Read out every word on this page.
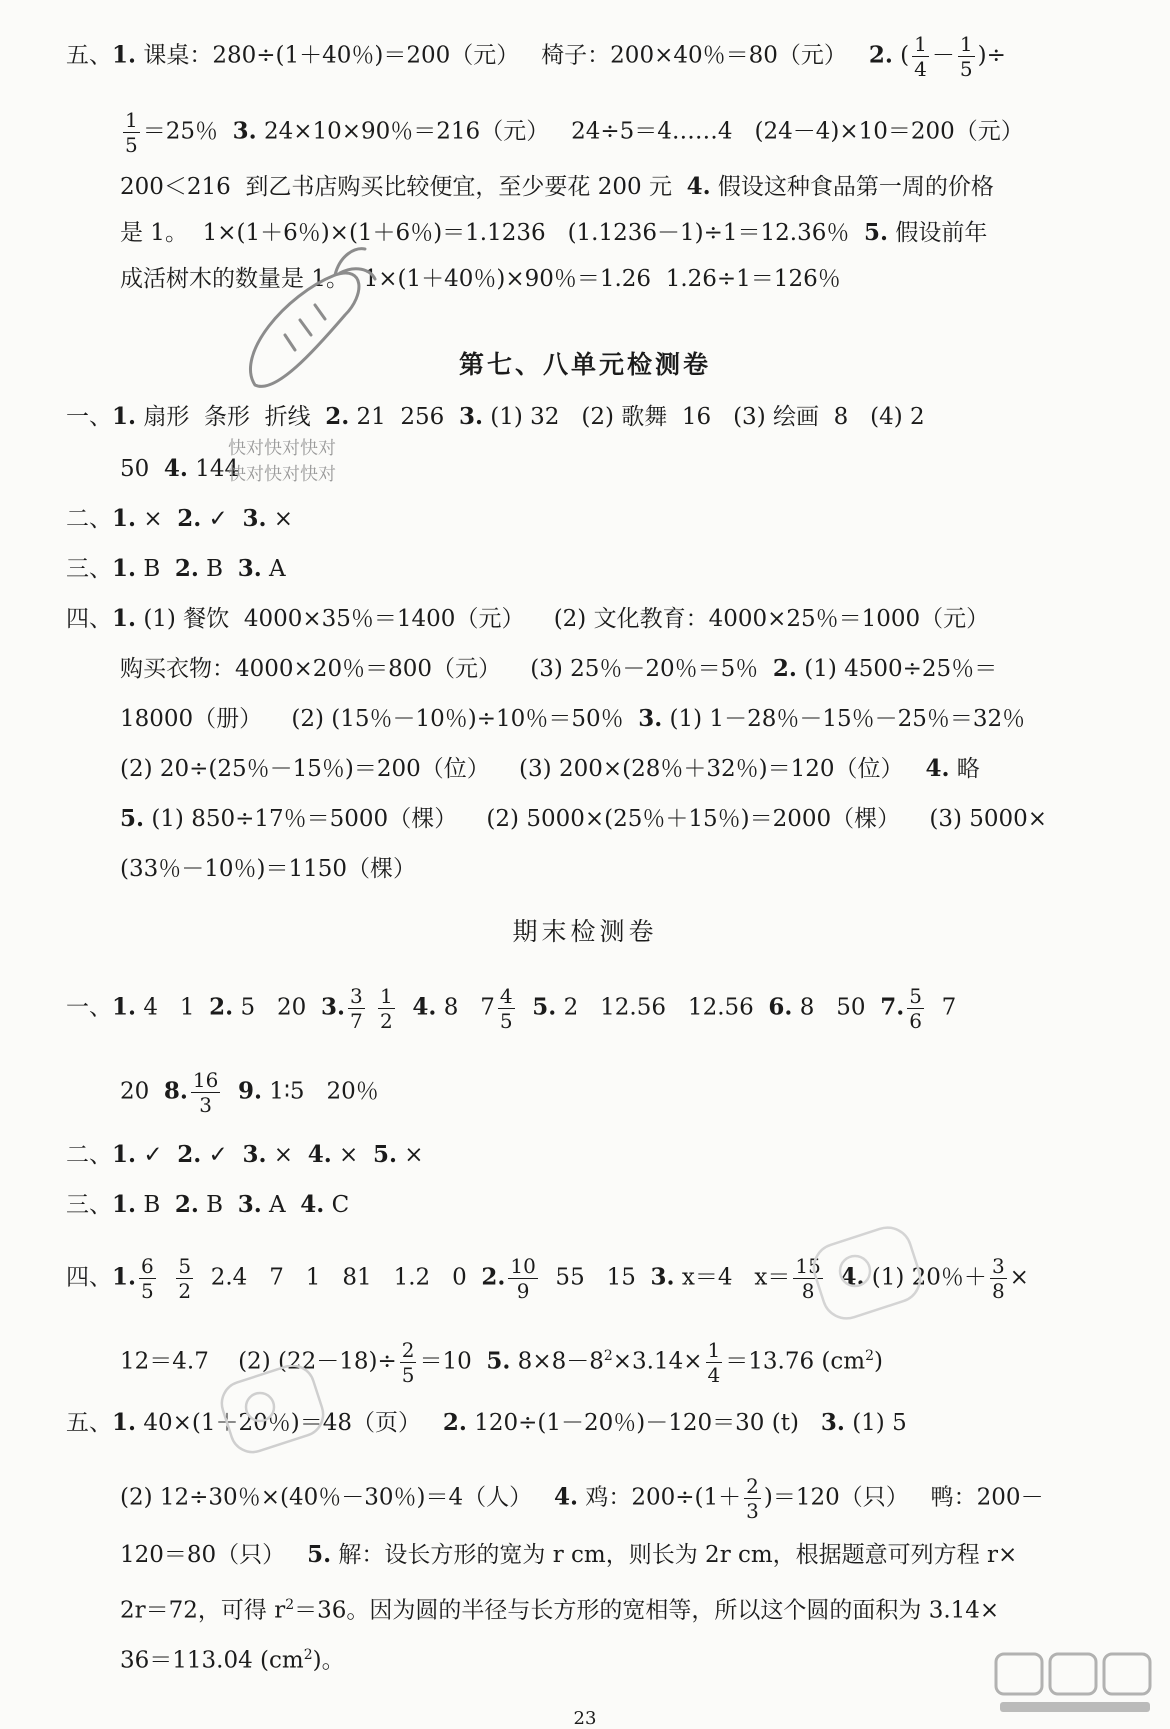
五、1. 课桌：280÷(1＋40％)＝200（元）   椅子：200×40％＝80（元）   2. ( $\frac{1}{4} - \frac{1}{5}$ )÷
$\frac{1}{5} =25$％  3. 24×10×90％＝216（元）   24÷5＝4……4   (24－4)×10＝200（元）
200＜216  到乙书店购买比较便宜，至少要花 200 元  4. 假设这种食品第一周的价格
是 1。  1×(1＋6％)×(1＋6％)＝1.1236   (1.1236－1)÷1＝12.36％  5. 假设前年
成活树木的数量是 1。  1×(1＋40％)×90％＝1.26  1.26÷1＝126％
第七、八单元检测卷
一、1. 扇形  条形  折线  2. 21  256  3. (1) 32   (2) 歌舞  16   (3) 绘画  8   (4) 2
快对快对快对
50  4. 144
快对快对快对
二、1. ×  2. ✓  3. ×
三、1. B  2. B  3. A
四、1. (1) 餐饮  4000×35％＝1400（元）    (2) 文化教育：4000×25％＝1000（元）
购买衣物：4000×20％＝800（元）    (3) 25％－20％＝5％  2. (1) 4500÷25％＝
18000（册）    (2) (15％－10％)÷10％＝50％  3. (1) 1－28％－15％－25％＝32％
(2) 20÷(25％－15％)＝200（位）    (3) 200×(28％＋32％)＝120（位）   4. 略
5. (1) 850÷17％＝5000（棵）    (2) 5000×(25％＋15％)＝2000（棵）    (3) 5000×
(33％－10％)＝1150（棵）
期末检测卷
一、1. 4   1  2. 5   20  3. $\frac{3}{7}$
$\frac{1}{2} 4$. 8   $7 \frac{4}{5} 5$. 2   12.56   12.56  6. 8   50  7. $\frac{5}{6} 7$
20  8. $\frac{16}{3} 9$. 1∶5   20％
二、1. ✓  2. ✓  3. ×  4. ×  5. ×
三、1. B  2. B  3. A  4. C
四、1. $\frac{6}{5}$
$\frac{5}{2} 2.4$   7   1   81   1.2   0  2. $\frac{10}{9} 55$   15  3. x＝4   $x= \frac{15}{8} 4$. (1) 20％＋ $\frac{3}{8}$ ×
12＝4.7    (2) $(22-18)\div \frac{2}{5} =10$  5. $8\times 8-8^2\times 3.14\times \frac{1}{4} =13.76$ $(cm^2)$
五、1. 40×(1＋20％)＝48（页）   2. 120÷(1－20％)－120＝30 (t)   3. (1) 5
(2) 12÷30％×(40％－30％)＝4（人）   4. 鸡：$200\div(1+ \frac{2}{3} )=120$（只）   鸭：200－
120＝80（只）   5. 解：设长方形的宽为 r cm，则长为 2r cm，根据题意可列方程 r×
2r＝72，可得 $r^2=36$。因为圆的半径与长方形的宽相等，所以这个圆的面积为 3.14×
36＝113.04 $(cm^2)$。
23
